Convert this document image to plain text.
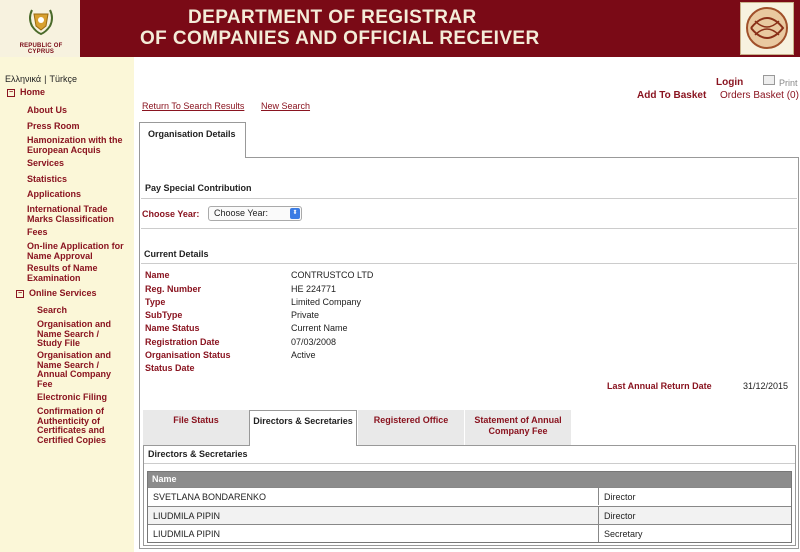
REPUBLIC OF CYPRUS
DEPARTMENT OF REGISTRAR
OF COMPANIES AND OFFICIAL RECEIVER
Ελληνικά | Türkçe
− Home
About Us
Press Room
Hamonization with the European Acquis
Services
Statistics
Applications
International Trade Marks Classification
Fees
On-line Application for Name Approval
Results of Name Examination
− Online Services
Search
Organisation and Name Search / Study File
Organisation and Name Search / Annual Company Fee
Electronic Filing
Confirmation of Authenticity of Certificates and Certified Copies
Login	Print
Add To Basket Orders Basket (0)
Return To Search Results New Search
Organisation Details
Pay Special Contribution
Choose Year:	Choose Year:	⬍
Current Details
Name	CONTRUSTCO LTD
Reg. Number	HE 224771
Type	Limited Company
SubType	Private
Name Status	Current Name
Registration Date	07/03/2008
Organisation Status	Active
Status Date
Last Annual Return Date	31/12/2015
File Status	Directors & Secretaries	Registered Office	Statement of Annual Company Fee
Directors & Secretaries
Name
SVETLANA BONDARENKO	Director
LIUDMILA PIPIN	Director
LIUDMILA PIPIN	Secretary
